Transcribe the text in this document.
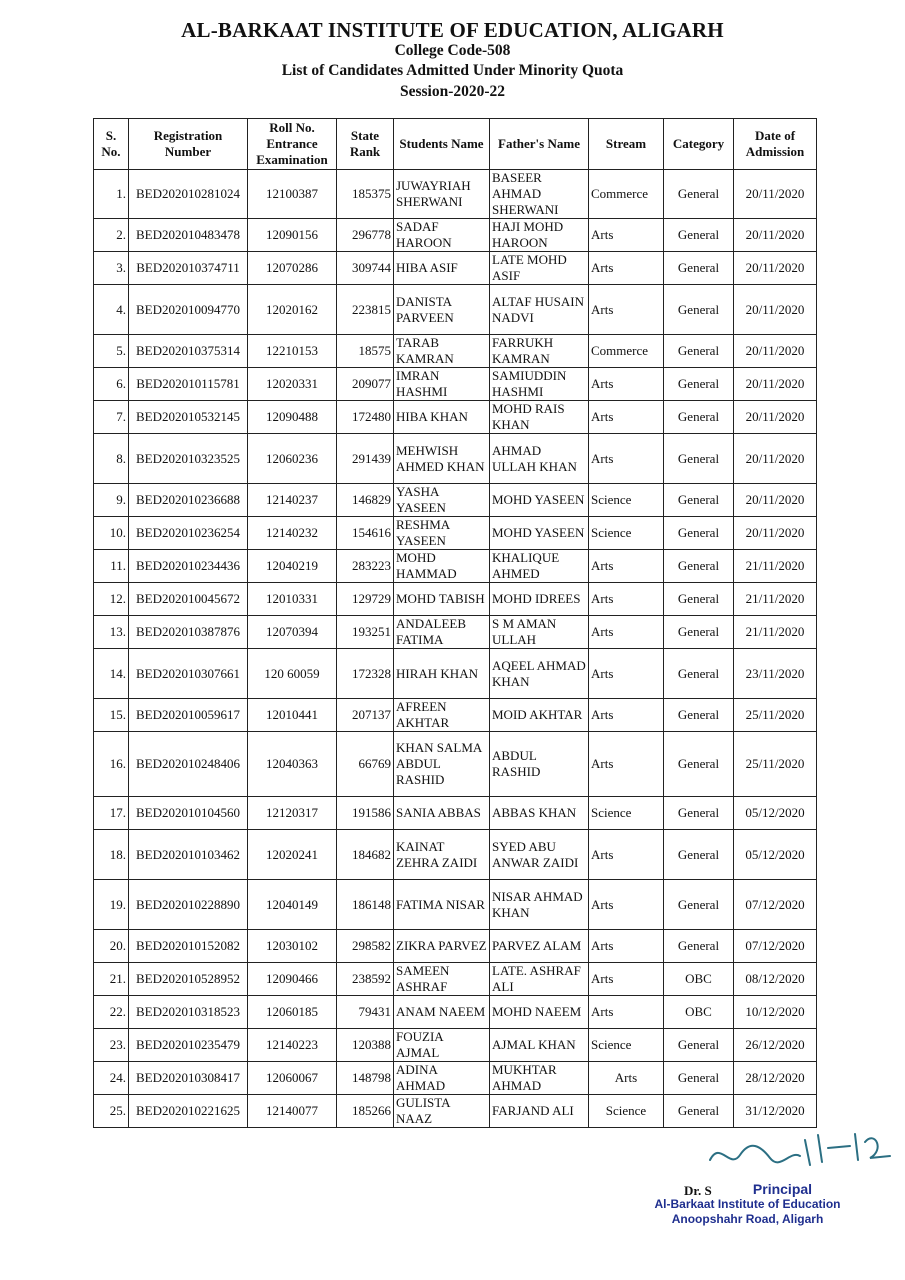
AL-BARKAAT INSTITUTE OF EDUCATION, ALIGARH
College Code-508
List of Candidates Admitted Under Minority Quota
Session-2020-22
S. No.	Registration Number	Roll No. Entrance Examination	State Rank	Students Name	Father's Name	Stream	Category	Date of Admission
1.	BED202010281024	12100387	185375	JUWAYRIAH SHERWANI	BASEER AHMAD SHERWANI	Commerce	General	20/11/2020
2.	BED202010483478	12090156	296778	SADAF HAROON	HAJI MOHD HAROON	Arts	General	20/11/2020
3.	BED202010374711	12070286	309744	HIBA ASIF	LATE MOHD ASIF	Arts	General	20/11/2020
4.	BED202010094770	12020162	223815	DANISTA PARVEEN	ALTAF HUSAIN NADVI	Arts	General	20/11/2020
5.	BED202010375314	12210153	18575	TARAB KAMRAN	FARRUKH KAMRAN	Commerce	General	20/11/2020
6.	BED202010115781	12020331	209077	IMRAN HASHMI	SAMIUDDIN HASHMI	Arts	General	20/11/2020
7.	BED202010532145	12090488	172480	HIBA KHAN	MOHD RAIS KHAN	Arts	General	20/11/2020
8.	BED202010323525	12060236	291439	MEHWISH AHMED KHAN	AHMAD ULLAH KHAN	Arts	General	20/11/2020
9.	BED202010236688	12140237	146829	YASHA YASEEN	MOHD YASEEN	Science	General	20/11/2020
10.	BED202010236254	12140232	154616	RESHMA YASEEN	MOHD YASEEN	Science	General	20/11/2020
11.	BED202010234436	12040219	283223	MOHD HAMMAD	KHALIQUE AHMED	Arts	General	21/11/2020
12.	BED202010045672	12010331	129729	MOHD TABISH	MOHD IDREES	Arts	General	21/11/2020
13.	BED202010387876	12070394	193251	ANDALEEB FATIMA	S M AMAN ULLAH	Arts	General	21/11/2020
14.	BED202010307661	120 60059	172328	HIRAH KHAN	AQEEL AHMAD KHAN	Arts	General	23/11/2020
15.	BED202010059617	12010441	207137	AFREEN AKHTAR	MOID AKHTAR	Arts	General	25/11/2020
16.	BED202010248406	12040363	66769	KHAN SALMA ABDUL RASHID	ABDUL RASHID	Arts	General	25/11/2020
17.	BED202010104560	12120317	191586	SANIA ABBAS	ABBAS KHAN	Science	General	05/12/2020
18.	BED202010103462	12020241	184682	KAINAT ZEHRA ZAIDI	SYED ABU ANWAR ZAIDI	Arts	General	05/12/2020
19.	BED202010228890	12040149	186148	FATIMA NISAR	NISAR AHMAD KHAN	Arts	General	07/12/2020
20.	BED202010152082	12030102	298582	ZIKRA PARVEZ	PARVEZ ALAM	Arts	General	07/12/2020
21.	BED202010528952	12090466	238592	SAMEEN ASHRAF	LATE. ASHRAF ALI	Arts	OBC	08/12/2020
22.	BED202010318523	12060185	79431	ANAM NAEEM	MOHD NAEEM	Arts	OBC	10/12/2020
23.	BED202010235479	12140223	120388	FOUZIA AJMAL	AJMAL KHAN	Science	General	26/12/2020
24.	BED202010308417	12060067	148798	ADINA AHMAD	MUKHTAR AHMAD	Arts	General	28/12/2020
25.	BED202010221625	12140077	185266	GULISTA NAAZ	FARJAND ALI	Science	General	31/12/2020
Dr. S	Principal
Al-Barkaat Institute of Education
Anoopshahr Road, Aligarh
